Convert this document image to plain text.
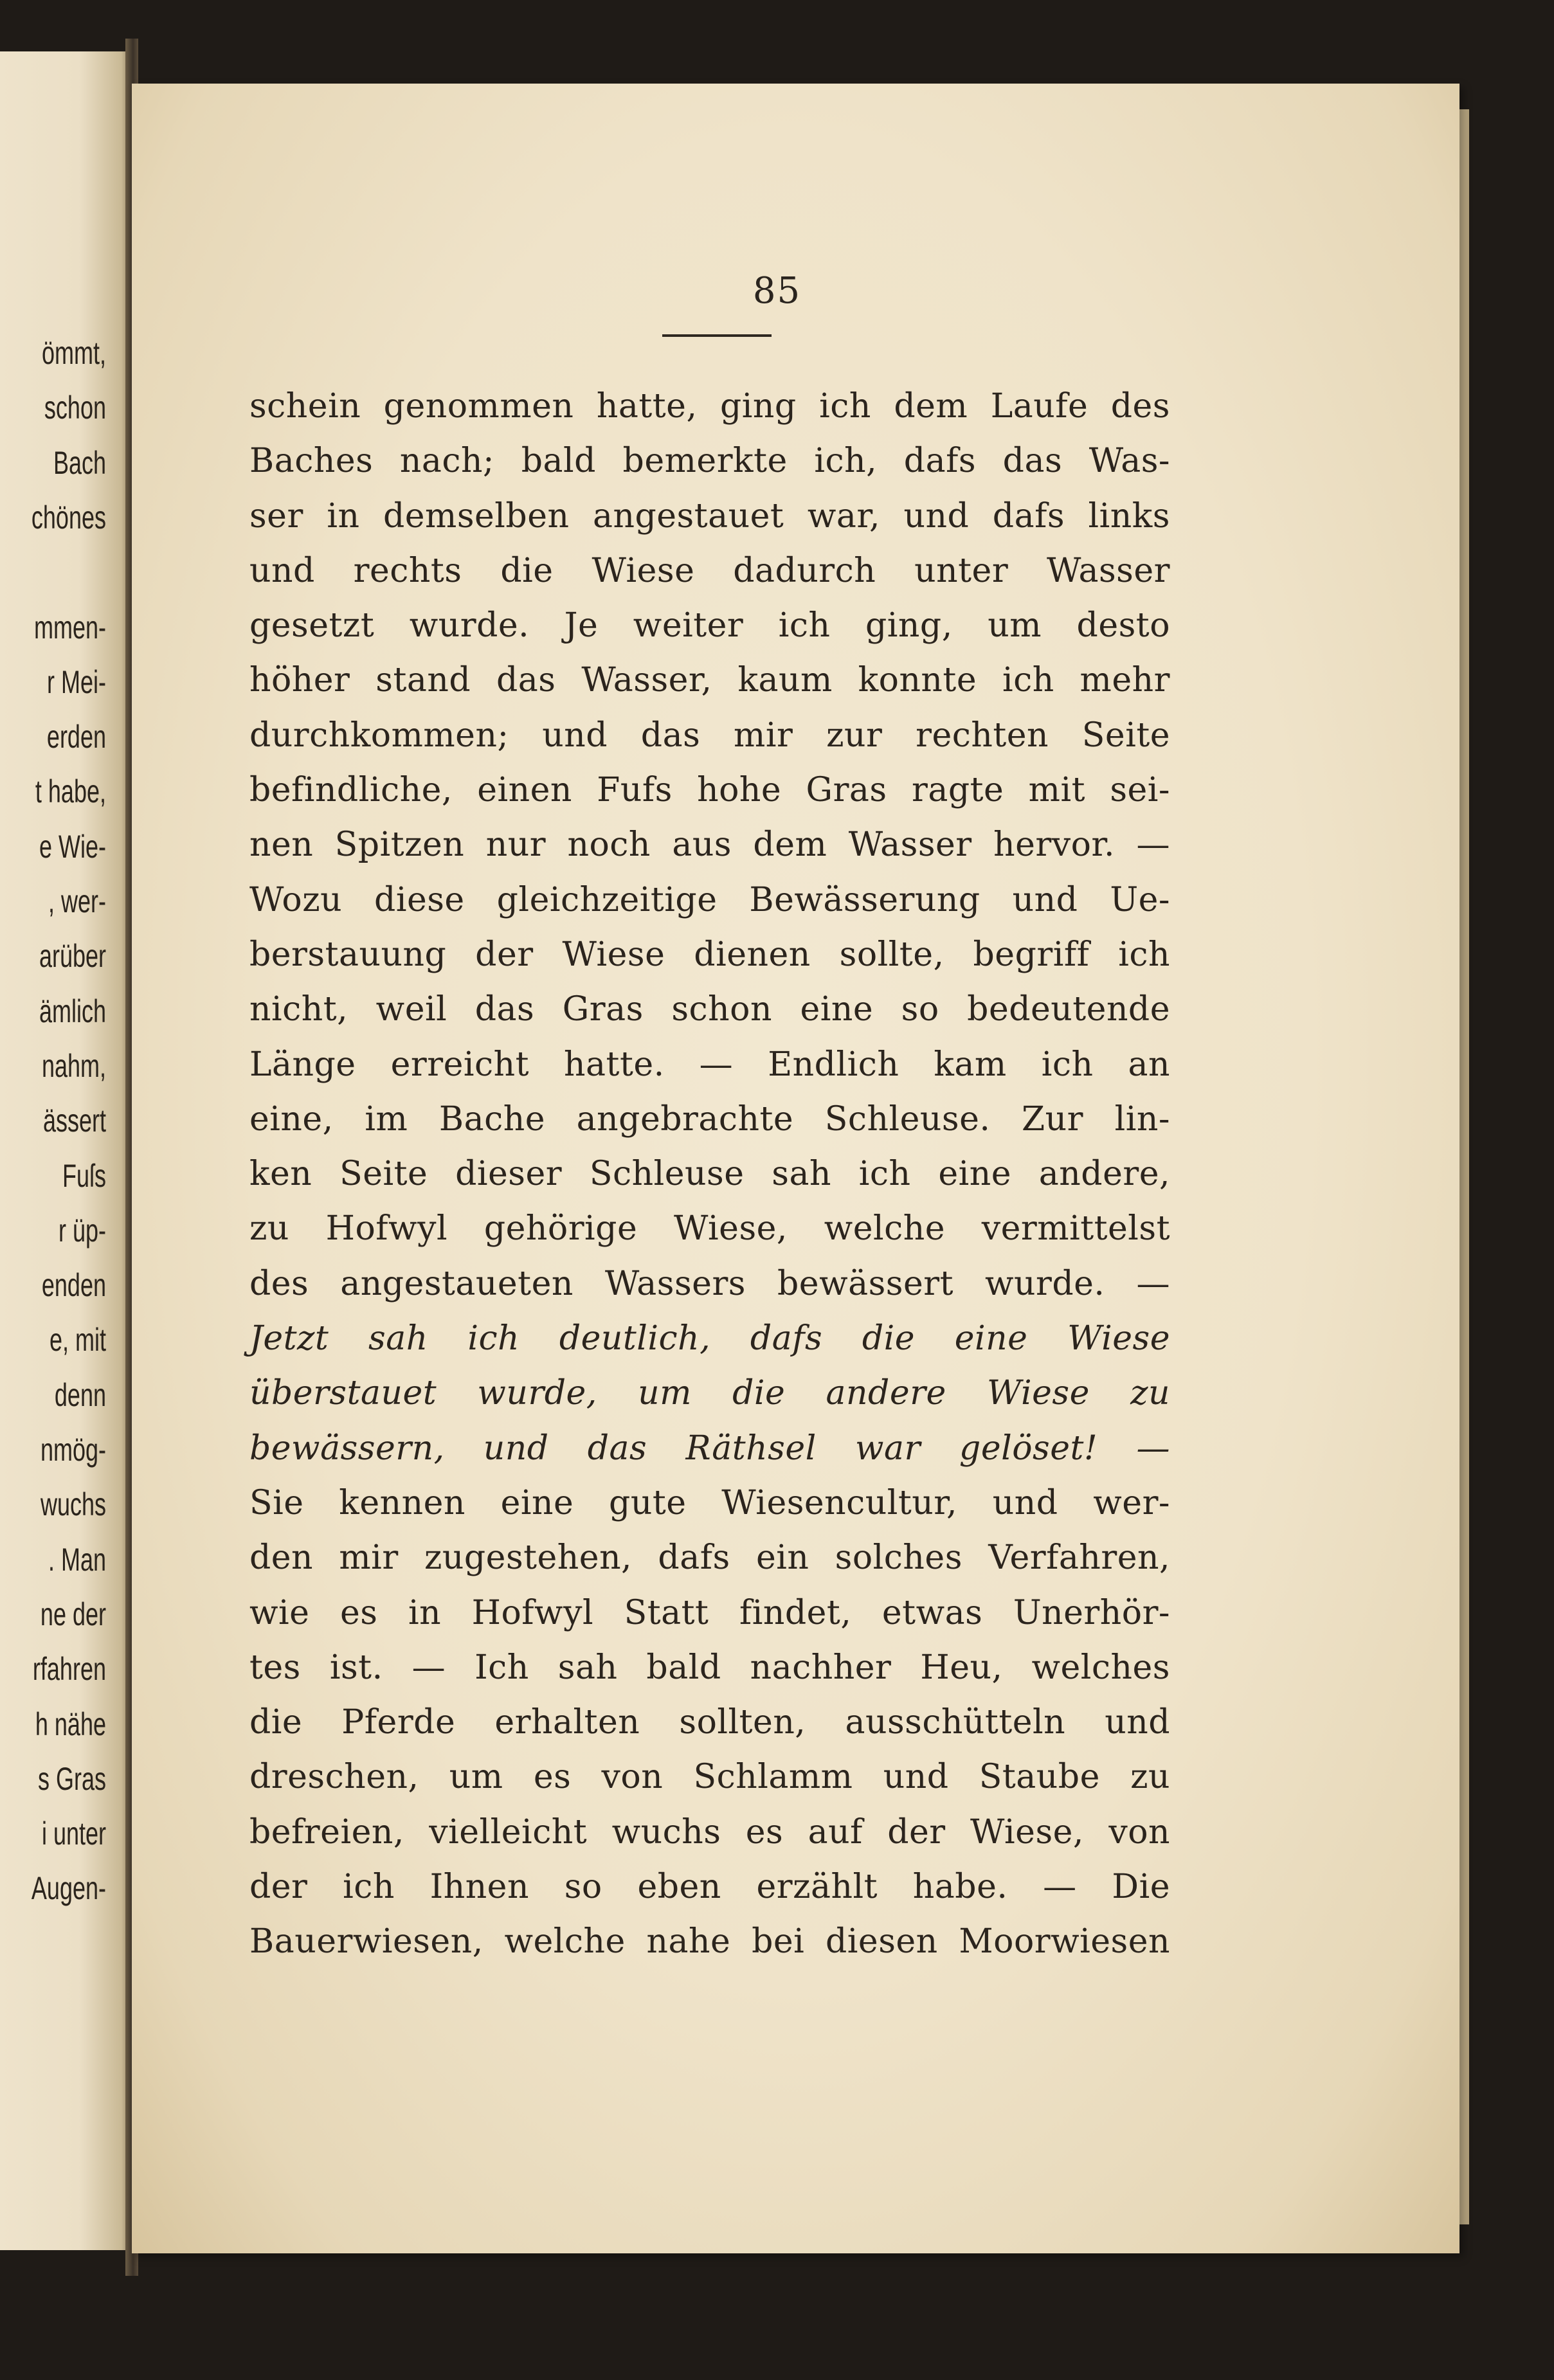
ömmt,
schon
Bach
chönes
mmen-
r Mei-
erden
t habe,
e Wie-
, wer-
arüber
ämlich
nahm,
ässert
Fuſs
r üp-
enden
e, mit
denn
nmög-
wuchs
. Man
ne der
rfahren
h nähe
s Gras
i unter
Augen-
85
schein genommen hatte, ging ich dem Laufe des
Baches nach; bald bemerkte ich, dafs das Was-
ser in demselben angestauet war, und dafs links
und rechts die Wiese dadurch unter Wasser
gesetzt wurde. Je weiter ich ging, um desto
höher stand das Wasser, kaum konnte ich mehr
durchkommen; und das mir zur rechten Seite
befindliche, einen Fufs hohe Gras ragte mit sei-
nen Spitzen nur noch aus dem Wasser hervor. —
Wozu diese gleichzeitige Bewässerung und Ue-
berstauung der Wiese dienen sollte, begriff ich
nicht, weil das Gras schon eine so bedeutende
Länge erreicht hatte. — Endlich kam ich an
eine, im Bache angebrachte Schleuse. Zur lin-
ken Seite dieser Schleuse sah ich eine andere,
zu Hofwyl gehörige Wiese, welche vermittelst
des angestaueten Wassers bewässert wurde. —
Jetzt sah ich deutlich, dafs die eine Wiese
überstauet wurde, um die andere Wiese zu
bewässern, und das Räthsel war gelöset! —
Sie kennen eine gute Wiesencultur, und wer-
den mir zugestehen, dafs ein solches Verfahren,
wie es in Hofwyl Statt findet, etwas Unerhör-
tes ist. — Ich sah bald nachher Heu, welches
die Pferde erhalten sollten, ausschütteln und
dreschen, um es von Schlamm und Staube zu
befreien, vielleicht wuchs es auf der Wiese, von
der ich Ihnen so eben erzählt habe. — Die
Bauerwiesen, welche nahe bei diesen Moorwiesen
